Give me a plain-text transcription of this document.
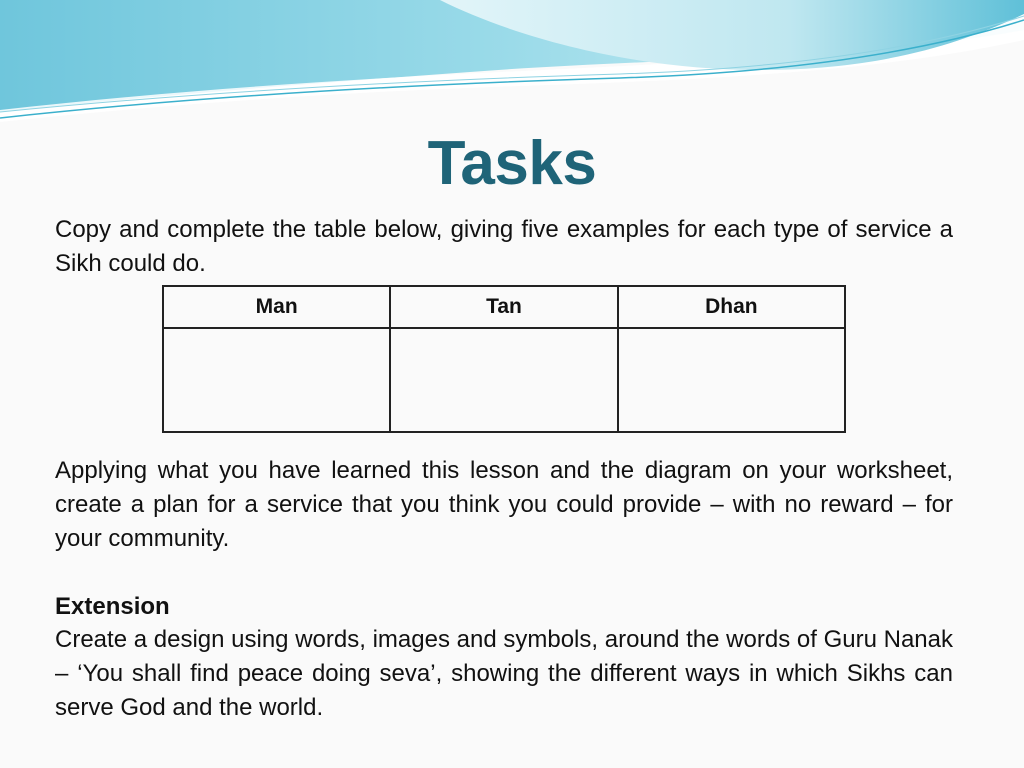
Tasks
Copy and complete the table below, giving five examples for each type of service a Sikh could do.
Man	Tan	Dhan

Applying what you have learned this lesson and the diagram on your worksheet, create a plan for a service that you think you could provide – with no reward – for your community.
Extension
Create a design using words, images and symbols, around the words of Guru Nanak – ‘You shall find peace doing seva’, showing the different ways in which Sikhs can serve God and the world.
